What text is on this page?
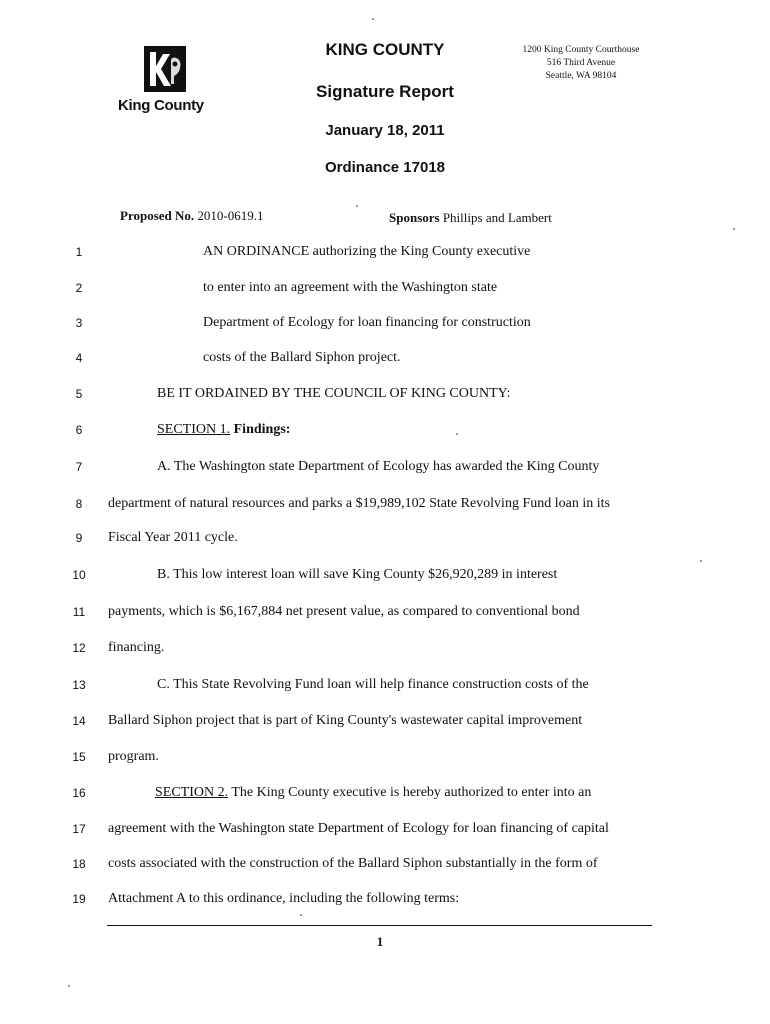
King County
KING COUNTY
Signature Report
January 18, 2011
Ordinance 17018
1200 King County Courthouse
516 Third Avenue
Seattle, WA 98104
Proposed No. 2010-0619.1	Sponsors Phillips and Lambert
1	AN ORDINANCE authorizing the King County executive
2	to enter into an agreement with the Washington state
3	Department of Ecology for loan financing for construction
4	costs of the Ballard Siphon project.
5	BE IT ORDAINED BY THE COUNCIL OF KING COUNTY:
6	SECTION 1. Findings:
7	A. The Washington state Department of Ecology has awarded the King County
8	department of natural resources and parks a $19,989,102 State Revolving Fund loan in its
9	Fiscal Year 2011 cycle.
10	B. This low interest loan will save King County $26,920,289 in interest
11	payments, which is $6,167,884 net present value, as compared to conventional bond
12	financing.
13	C. This State Revolving Fund loan will help finance construction costs of the
14	Ballard Siphon project that is part of King County's wastewater capital improvement
15	program.
16	SECTION 2. The King County executive is hereby authorized to enter into an
17	agreement with the Washington state Department of Ecology for loan financing of capital
18	costs associated with the construction of the Ballard Siphon substantially in the form of
19	Attachment A to this ordinance, including the following terms:
1
